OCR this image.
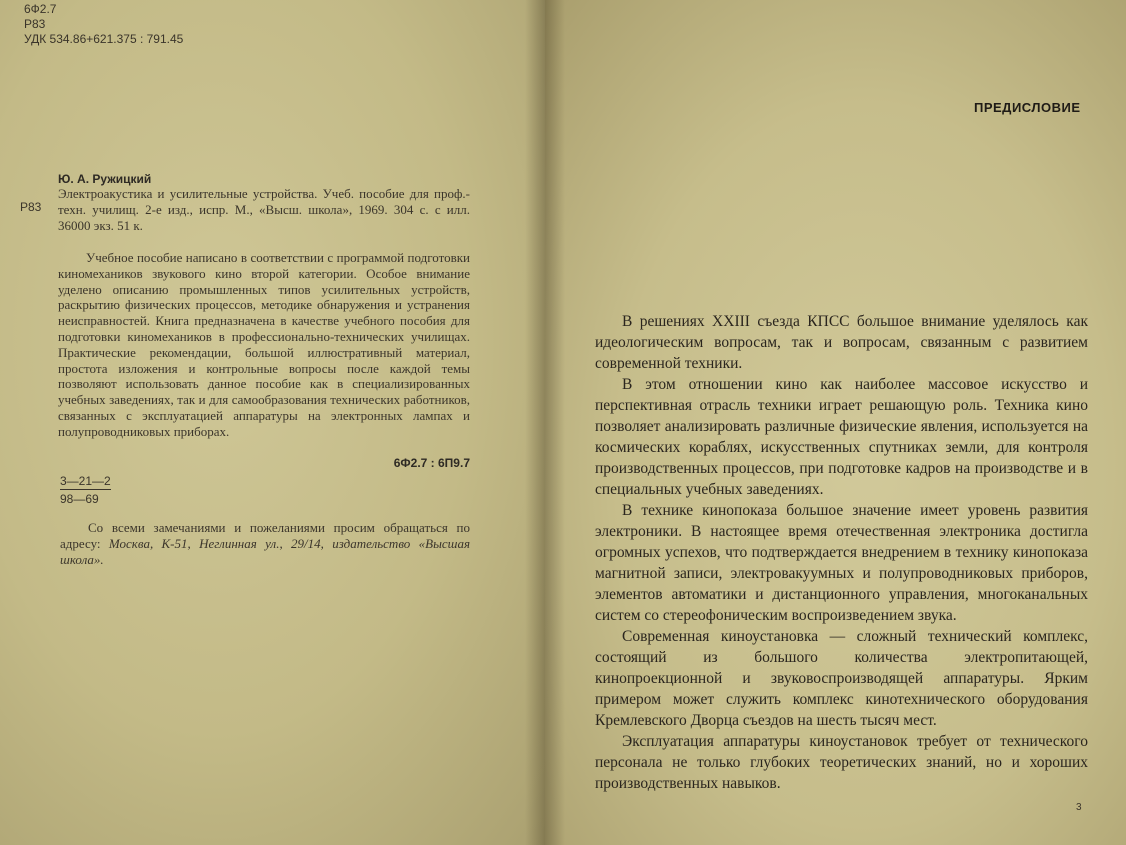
6Ф2.7
Р83
УДК 534.86+621.375 : 791.45
Ю. А. Ружицкий
Р83
Электроакустика и усилительные устройства. Учеб. пособие для проф.-техн. училищ. 2-е изд., испр. М., «Высш. школа», 1969. 304 с. с илл. 36000 экз. 51 к.

Учебное пособие написано в соответствии с программой подготовки киномехаников звукового кино второй категории. Особое внимание уделено описанию промышленных типов усилительных устройств, раскрытию физических процессов, методике обнаружения и устранения неисправностей. Книга предназначена в качестве учебного пособия для подготовки киномехаников в профессионально-технических училищах. Практические рекомендации, большой иллюстративный материал, простота изложения и контрольные вопросы после каждой темы позволяют использовать данное пособие как в специализированных учебных заведениях, так и для самообразования технических работников, связанных с эксплуатацией аппаратуры на электронных лампах и полупроводниковых приборах.

6Ф2.7 : 6П9.7
$\frac{3—21—2}{98—69}$

Со всеми замечаниями и пожеланиями просим обращаться по адресу: Москва, К-51, Неглинная ул., 29/14, издательство «Высшая школа».

ПРЕДИСЛОВИЕ

В решениях XXIII съезда КПСС большое внимание уделялось как идеологическим вопросам, так и вопросам, связанным с развитием современной техники.

В этом отношении кино как наиболее массовое искусство и перспективная отрасль техники играет решающую роль. Техника кино позволяет анализировать различные физические явления, используется на космических кораблях, искусственных спутниках земли, для контроля производственных процессов, при подготовке кадров на производстве и в специальных учебных заведениях.

В технике кинопоказа большое значение имеет уровень развития электроники. В настоящее время отечественная электроника достигла огромных успехов, что подтверждается внедрением в технику кинопоказа магнитной записи, электровакуумных и полупроводниковых приборов, элементов автоматики и дистанционного управления, многоканальных систем со стереофоническим воспроизведением звука.

Современная киноустановка — сложный технический комплекс, состоящий из большого количества электропитающей, кинопроекционной и звуковоспроизводящей аппаратуры. Ярким примером может служить комплекс кинотехнического оборудования Кремлевского Дворца съездов на шесть тысяч мест.

Эксплуатация аппаратуры киноустановок требует от технического персонала не только глубоких теоретических знаний, но и хороших производственных навыков.

3
